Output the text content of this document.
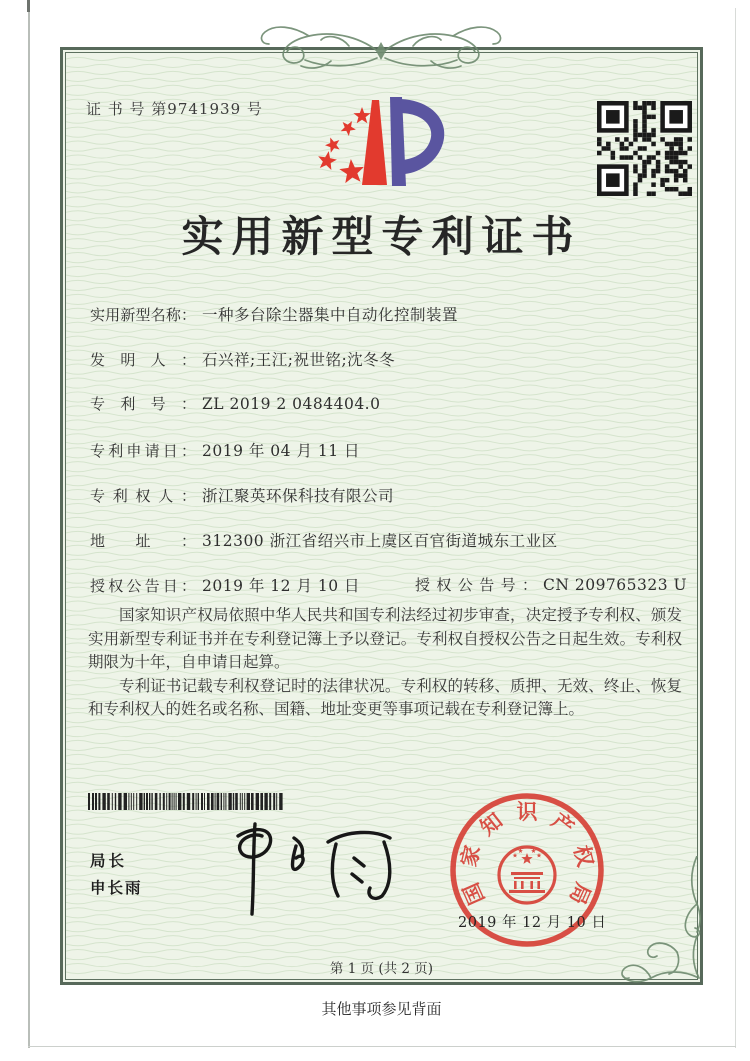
证 书 号 第9741939 号
实用新型专利证书
实用新型名称： 一种多台除尘器集中自动化控制装置
发明人： 石兴祥;王江;祝世铭;沈冬冬
专利号： ZL 2019 2 0484404.0
专利申请日： 2019 年 04 月 11 日
专利权人： 浙江聚英环保科技有限公司
地址： 312300 浙江省绍兴市上虞区百官街道城东工业区
授权公告日： 2019 年 12 月 10 日	授权公告号： CN 209765323 U

国家知识产权局依照中华人民共和国专利法经过初步审查，决定授予专利权、颁发实用新型专利证书并在专利登记簿上予以登记。专利权自授权公告之日起生效。专利权期限为十年，自申请日起算。

专利证书记载专利权登记时的法律状况。专利权的转移、质押、无效、终止、恢复和专利权人的姓名或名称、国籍、地址变更等事项记载在专利登记簿上。

局长
申长雨	国
家
知 识 产
权
局
2019 年 12 月 10 日
第 1 页 (共 2 页)
其他事项参见背面
